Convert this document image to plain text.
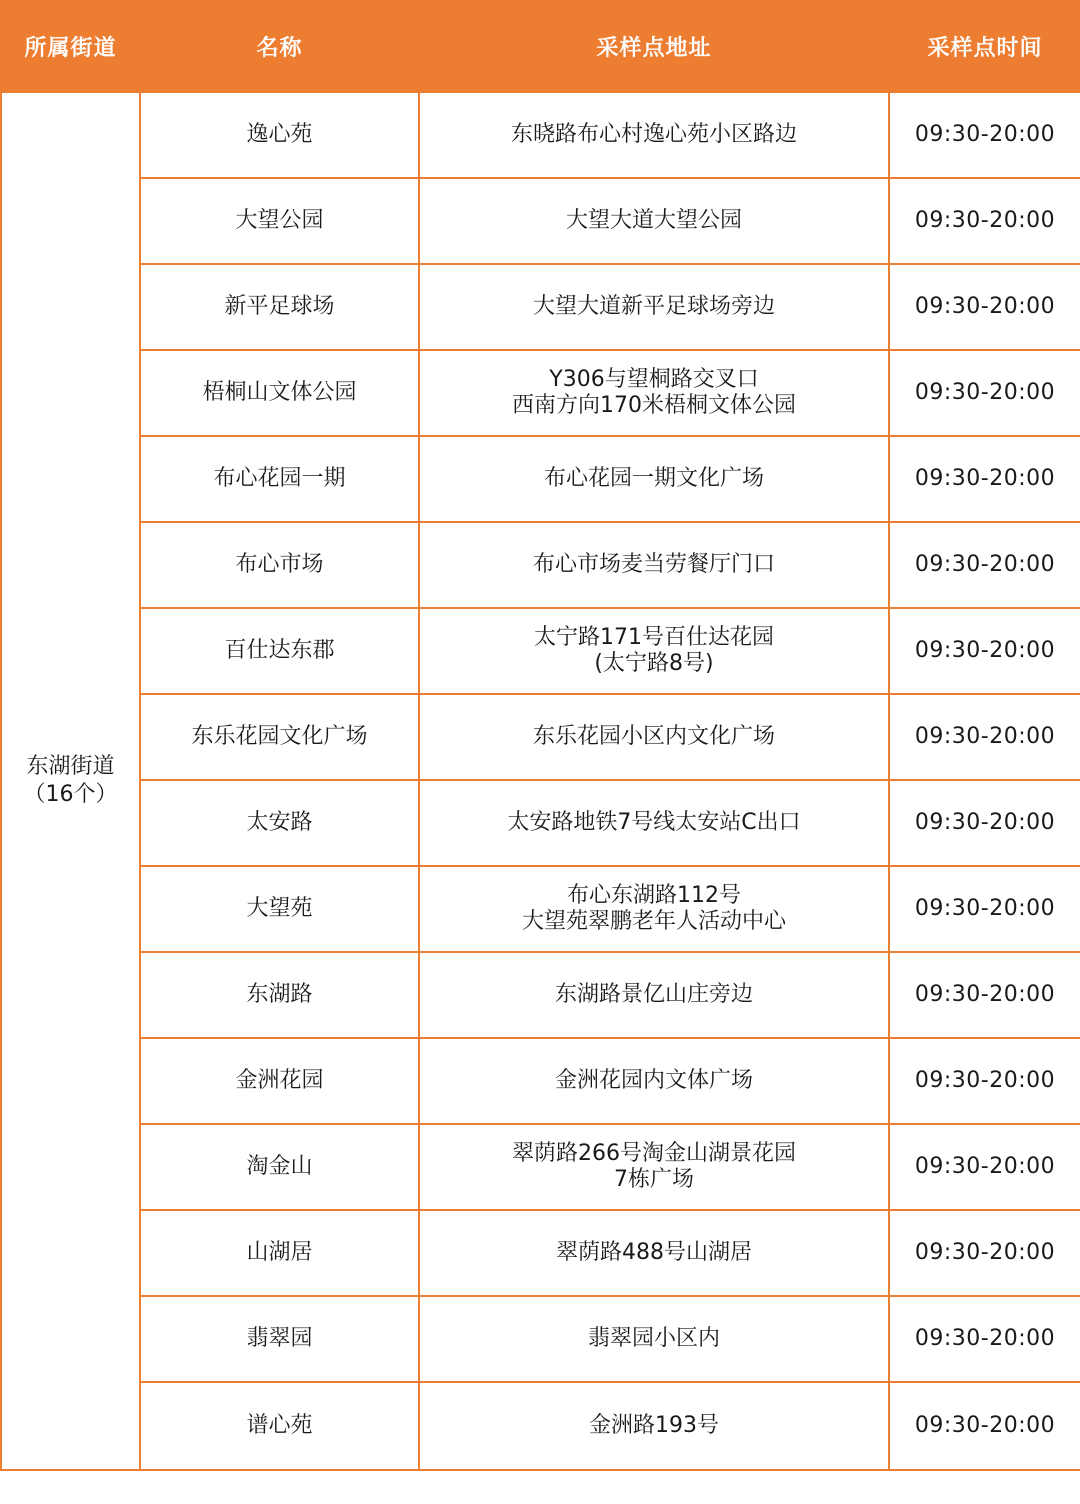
所属街道	名称	采样点地址	采样点时间

东湖街道
（16个）	逸心苑	东晓路布心村逸心苑小区路边	09:30-20:00
	大望公园	大望大道大望公园	09:30-20:00
	新平足球场	大望大道新平足球场旁边	09:30-20:00
	梧桐山文体公园	Y306与望桐路交叉口
西南方向170米梧桐文体公园	09:30-20:00
	布心花园一期	布心花园一期文化广场	09:30-20:00
	布心市场	布心市场麦当劳餐厅门口	09:30-20:00
	百仕达东郡	太宁路171号百仕达花园
(太宁路8号)	09:30-20:00
	东乐花园文化广场	东乐花园小区内文化广场	09:30-20:00
	太安路	太安路地铁7号线太安站C出口	09:30-20:00
	大望苑	布心东湖路112号
大望苑翠鹏老年人活动中心	09:30-20:00
	东湖路	东湖路景亿山庄旁边	09:30-20:00
	金洲花园	金洲花园内文体广场	09:30-20:00
	淘金山	翠荫路266号淘金山湖景花园
7栋广场	09:30-20:00
	山湖居	翠荫路488号山湖居	09:30-20:00
	翡翠园	翡翠园小区内	09:30-20:00
	谱心苑	金洲路193号	09:30-20:00
